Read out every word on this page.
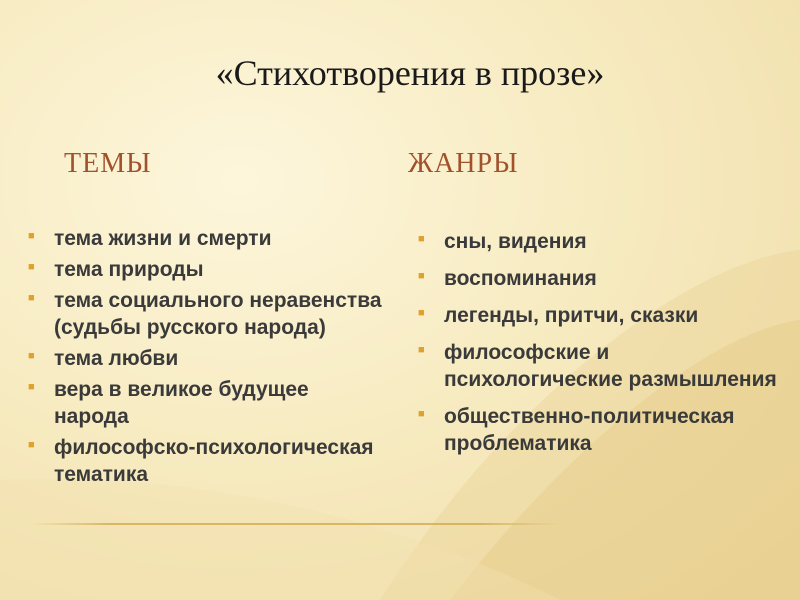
«Стихотворения в прозе»
ТЕМЫ	ЖАНРЫ
■ тема жизни и смерти
■ тема природы
■ тема социального неравенства (судьбы русского народа)
■ тема любви
■ вера в великое будущее народа
■ философско-психологическая тематика
■ сны, видения
■ воспоминания
■ легенды, притчи, сказки
■ философские и психологические размышления
■ общественно-политическая проблематика
